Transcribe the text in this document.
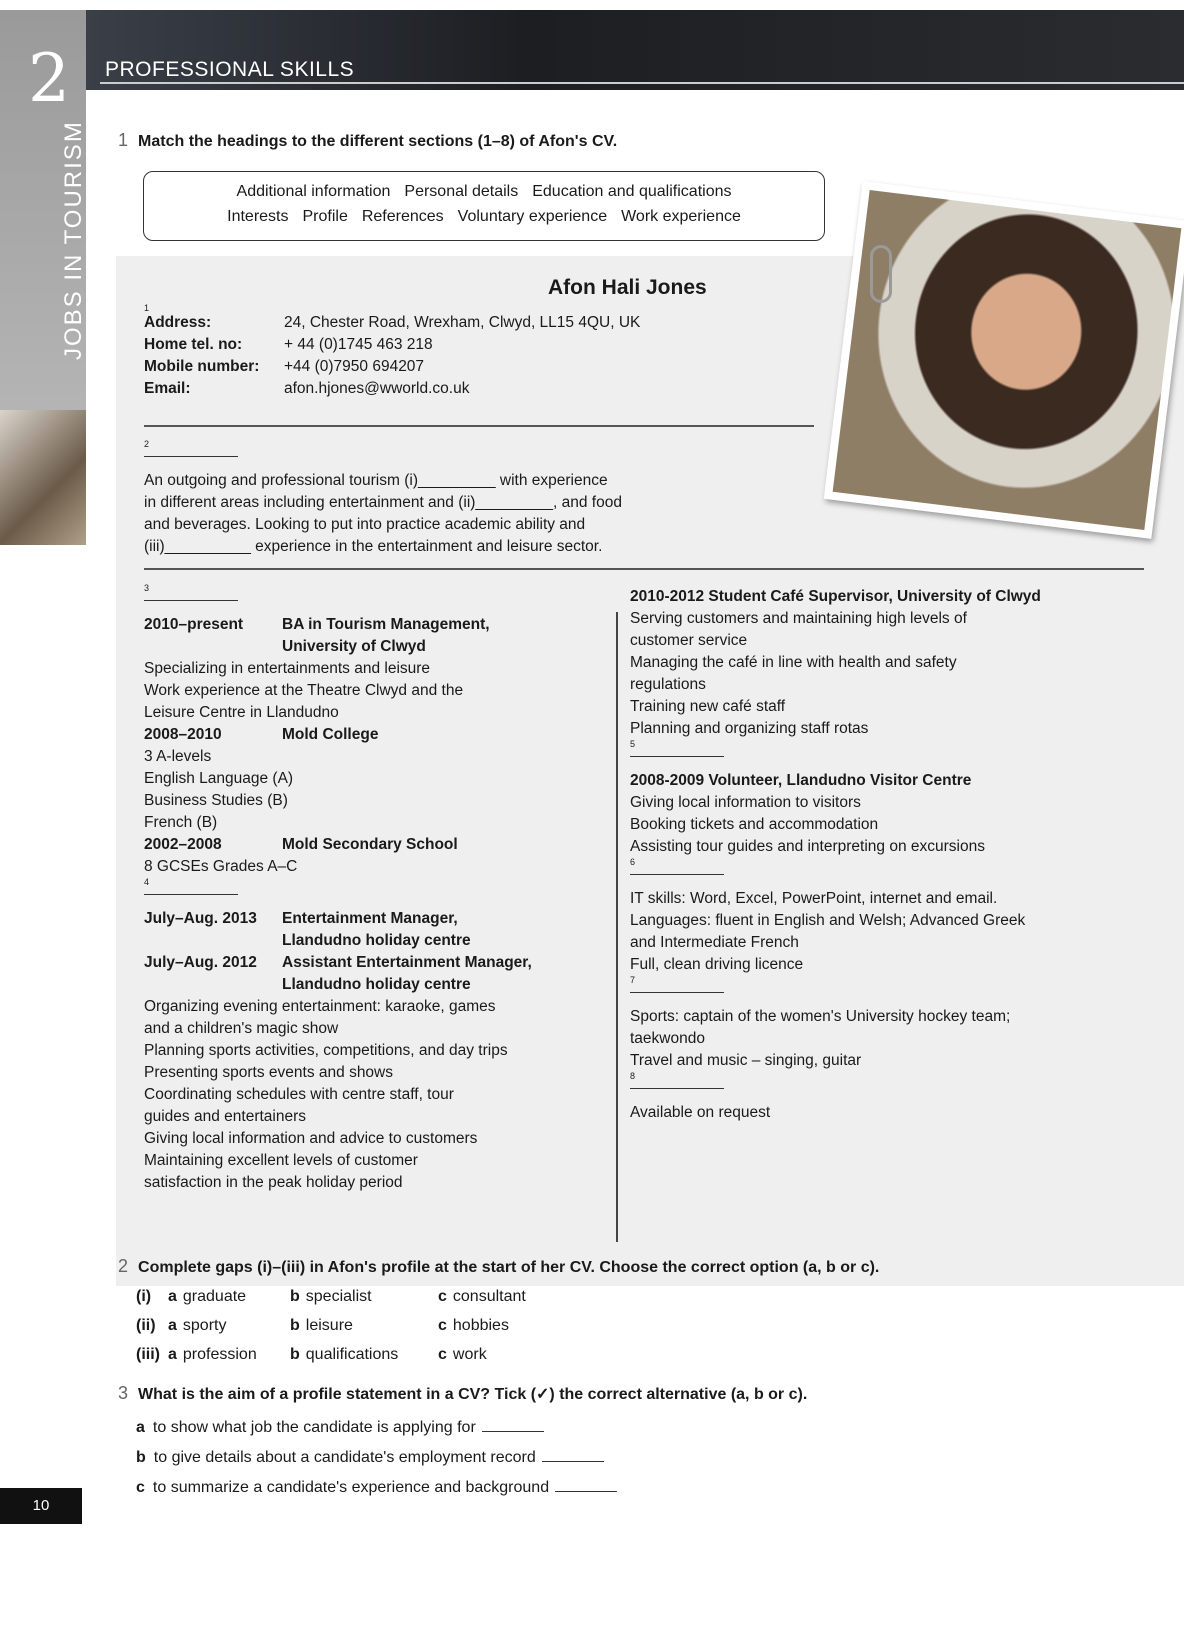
2
JOBS IN TOURISM
10
PROFESSIONAL SKILLS
1 Match the headings to the different sections (1–8) of Afon's CV.
Additional information Personal details Education and qualifications
Interests Profile References Voluntary experience Work experience
Afon Hali Jones
1
Address:	24, Chester Road, Wrexham, Clwyd, LL15 4QU, UK
Home tel. no:	+ 44 (0)1745 463 218
Mobile number:	+44 (0)7950 694207
Email:	afon.hjones@wworld.co.uk
2
An outgoing and professional tourism (i)_________ with experience
in different areas including entertainment and (ii)_________, and food
and beverages. Looking to put into practice academic ability and
(iii)__________ experience in the entertainment and leisure sector.
3
2010–present	BA in Tourism Management,
University of Clwyd
Specializing in entertainments and leisure
Work experience at the Theatre Clwyd and the
Leisure Centre in Llandudno
2008–2010	Mold College
3 A-levels
English Language (A)
Business Studies (B)
French (B)
2002–2008	Mold Secondary School
8 GCSEs Grades A–C
4
July–Aug. 2013	Entertainment Manager,
Llandudno holiday centre
July–Aug. 2012	Assistant Entertainment Manager,
Llandudno holiday centre
Organizing evening entertainment: karaoke, games
and a children's magic show
Planning sports activities, competitions, and day trips
Presenting sports events and shows
Coordinating schedules with centre staff, tour
guides and entertainers
Giving local information and advice to customers
Maintaining excellent levels of customer
satisfaction in the peak holiday period
2010-2012 Student Café Supervisor, University of Clwyd
Serving customers and maintaining high levels of
customer service
Managing the café in line with health and safety
regulations
Training new café staff
Planning and organizing staff rotas
5
2008-2009 Volunteer, Llandudno Visitor Centre
Giving local information to visitors
Booking tickets and accommodation
Assisting tour guides and interpreting on excursions
6
IT skills: Word, Excel, PowerPoint, internet and email.
Languages: fluent in English and Welsh; Advanced Greek
and Intermediate French
Full, clean driving licence
7
Sports: captain of the women's University hockey team;
taekwondo
Travel and music – singing, guitar
8
Available on request
2 Complete gaps (i)–(iii) in Afon's profile at the start of her CV. Choose the correct option (a, b or c).
(i)	a graduate	b specialist	c consultant
(ii) a sporty	b leisure	c hobbies
(iii) a profession	b qualifications	c work
3 What is the aim of a profile statement in a CV? Tick (✓) the correct alternative (a, b or c).
a to show what job the candidate is applying for
b to give details about a candidate's employment record
c to summarize a candidate's experience and background
